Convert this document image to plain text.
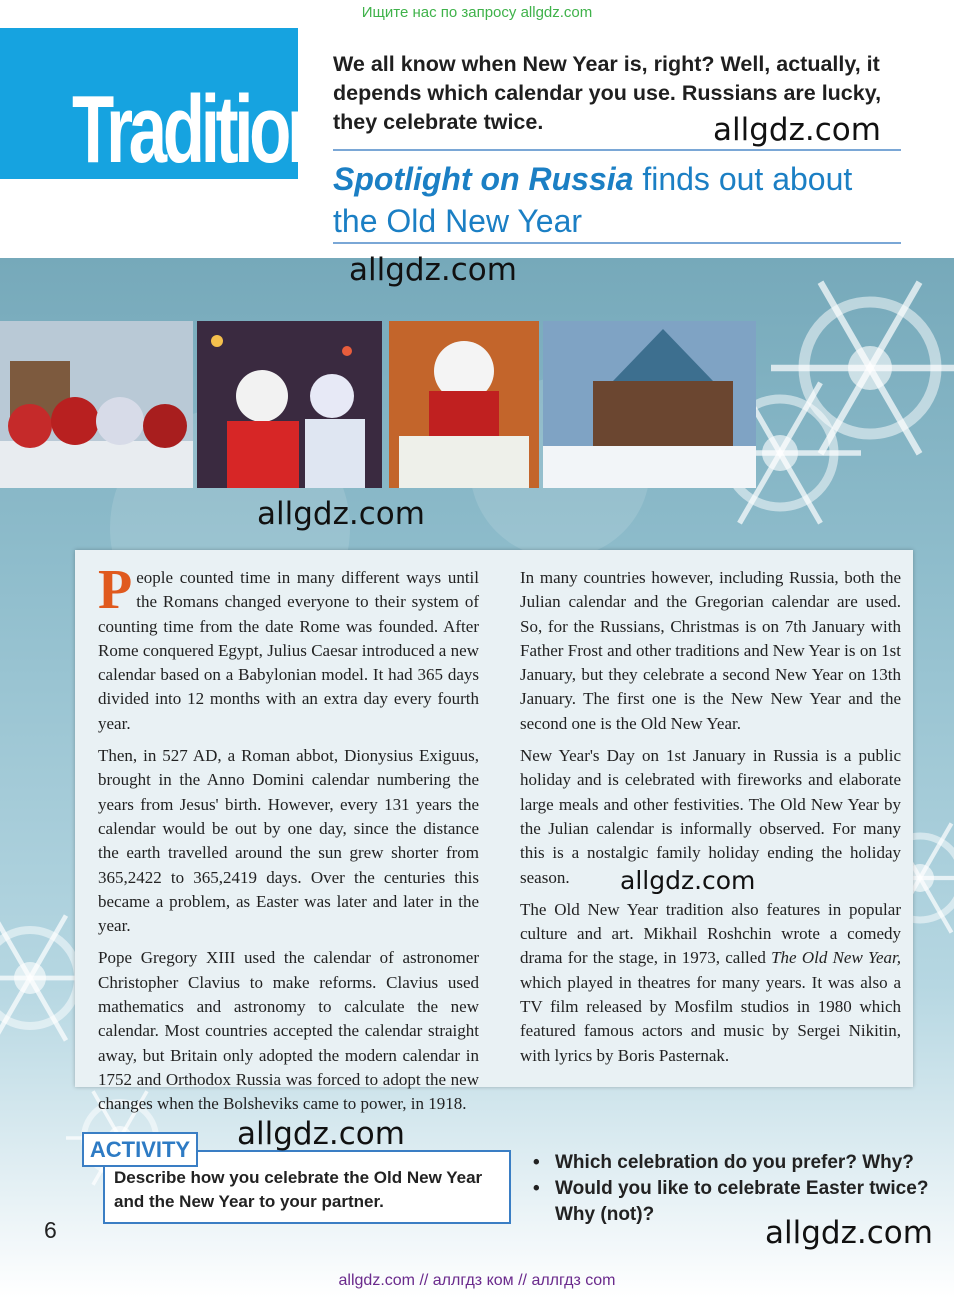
Ищите нас по запросу allgdz.com
Tradition
We all know when New Year is, right? Well, actually, it depends which calendar you use. Russians are lucky, they celebrate twice.	allgdz.com
Spotlight on Russia finds out about
the Old New Year
allgdz.com
allgdz.com

People counted time in many different ways until the Romans changed everyone to their system of counting time from the date Rome was founded. After Rome conquered Egypt, Julius Caesar introduced a new calendar based on a Babylonian model. It had 365 days divided into 12 months with an extra day every fourth year.

Then, in 527 AD, a Roman abbot, Dionysius Exiguus, brought in the Anno Domini calendar numbering the years from Jesus' birth. However, every 131 years the calendar would be out by one day, since the distance the earth travelled around the sun grew shorter from 365,2422 to 365,2419 days. Over the centuries this became a problem, as Easter was later and later in the year.

Pope Gregory XIII used the calendar of astronomer Christopher Clavius to make reforms. Clavius used mathematics and astronomy to calculate the new calendar. Most countries accepted the calendar straight away, but Britain only adopted the modern calendar in 1752 and Orthodox Russia was forced to adopt the new changes when the Bolsheviks came to power, in 1918.

In many countries however, including Russia, both the Julian calendar and the Gregorian calendar are used. So, for the Russians, Christmas is on 7th January with Father Frost and other traditions and New Year is on 1st January, but they celebrate a second New Year on 13th January. The first one is the New New Year and the second one is the Old New Year.

New Year's Day on 1st January in Russia is a public holiday and is celebrated with fireworks and elaborate large meals and other festivities. The Old New Year by the Julian calendar is informally observed. For many this is a nostalgic family holiday ending the holiday season.

The Old New Year tradition also features in popular culture and art. Mikhail Roshchin wrote a comedy drama for the stage, in 1973, called The Old New Year, which played in theatres for many years. It was also a TV film released by Mosfilm studios in 1980 which featured famous actors and music by Sergei Nikitin, with lyrics by Boris Pasternak.

allgdz.com
ACTIVITY allgdz.com
Describe how you celebrate the Old New Year and the New Year to your partner.
• Which celebration do you prefer? Why?
• Would you like to celebrate Easter twice? Why (not)?
6	allgdz.com
allgdz.com // аллгдз ком // аллгдз com
